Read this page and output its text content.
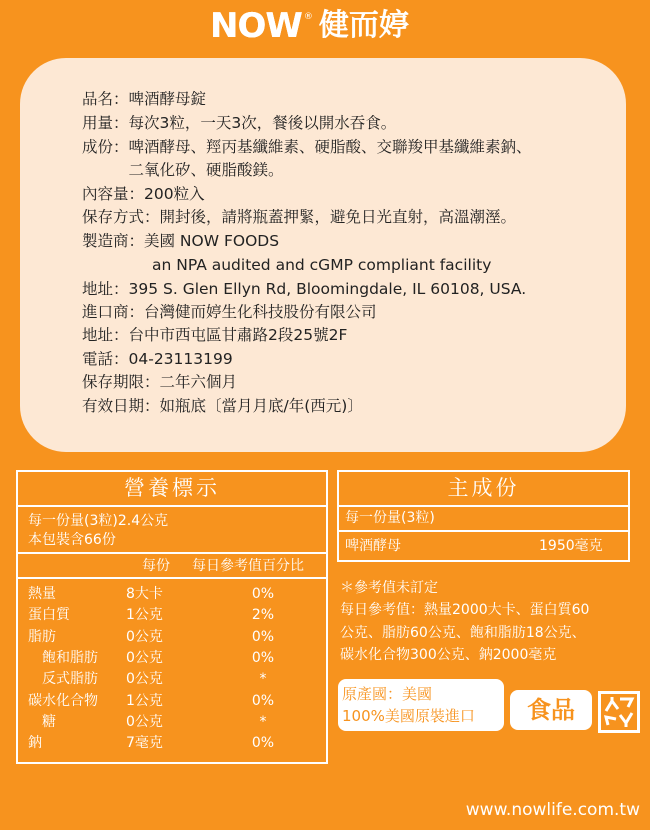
NOW ® 健而婷
品名：啤酒酵母錠
用量：每次3粒，一天3次，餐後以開水吞食。
成份：啤酒酵母、羥丙基纖維素、硬脂酸、交聯羧甲基纖維素鈉、
　　　二氧化矽、硬脂酸鎂。
內容量：200粒入
保存方式：開封後，請將瓶蓋押緊，避免日光直射，高溫潮溼。
製造商：美國 NOW FOODS
an NPA audited and cGMP compliant facility
地址：395 S. Glen Ellyn Rd, Bloomingdale, IL 60108, USA.
進口商：台灣健而婷生化科技股份有限公司
地址：台中市西屯區甘肅路2段25號2F
電話：04-23113199
保存期限：二年六個月
有效日期：如瓶底〔當月月底/年(西元)〕
營養標示
每一份量(3粒)2.4公克
本包裝含66份
每份 每日參考值百分比
熱量	8大卡	0%
蛋白質	1公克	2%
脂肪	0公克	0%
　飽和脂肪 0公克	0%
　反式脂肪 0公克	*
碳水化合物 1公克	0%
　糖	0公克	*
鈉	7毫克	0%
主成份
每一份量(3粒)
啤酒酵母	1950毫克
＊參考值未訂定
每日參考值：熱量2000大卡、蛋白質60
公克、脂肪60公克、飽和脂肪18公克、
碳水化合物300公克、鈉2000毫克
原產國：美國
100%美國原裝進口	食品
www.nowlife.com.tw
